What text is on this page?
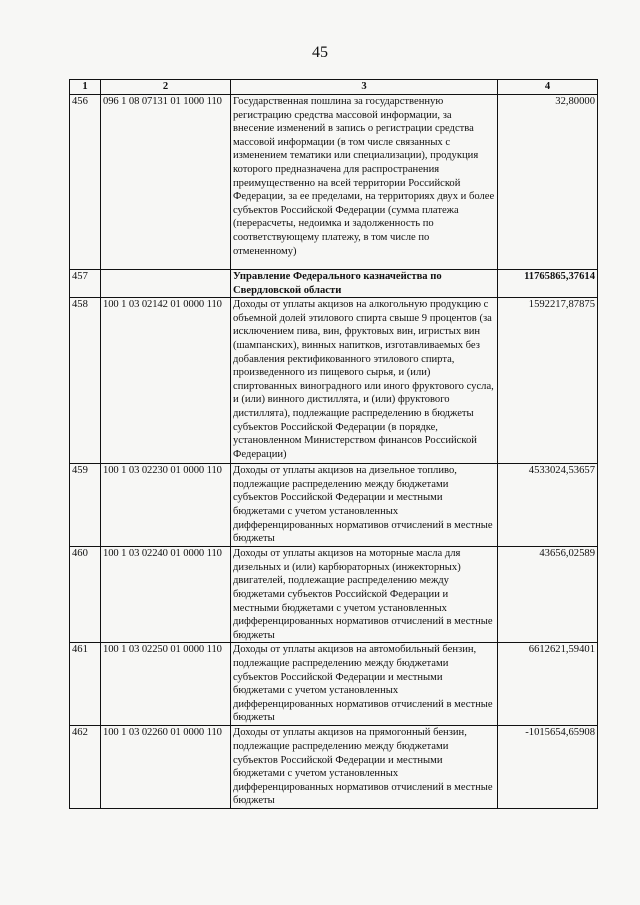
45
1	2	3	4
456	096 1 08 07131 01 1000 110	Государственная пошлина за государственную регистрацию средства массовой информации, за внесение изменений в запись о регистрации средства массовой информации (в том числе связанных с изменением тематики или специализации), продукция которого предназначена для распространения преимущественно на всей территории Российской Федерации, за ее пределами, на территориях двух и более субъектов Российской Федерации (сумма платежа (перерасчеты, недоимка и задолженность по соответствующему платежу, в том числе по отмененному)	32,80000
457		Управление Федерального казначейства по Свердловской области	11765865,37614
458	100 1 03 02142 01 0000 110	Доходы от уплаты акцизов на алкогольную продукцию с объемной долей этилового спирта свыше 9 процентов (за исключением пива, вин, фруктовых вин, игристых вин (шампанских), винных напитков, изготавливаемых без добавления ректификованного этилового спирта, произведенного из пищевого сырья, и (или) спиртованных виноградного или иного фруктового сусла, и (или) винного дистиллята, и (или) фруктового дистиллята), подлежащие распределению в бюджеты субъектов Российской Федерации (в порядке, установленном Министерством финансов Российской Федерации)	1592217,87875
459	100 1 03 02230 01 0000 110	Доходы от уплаты акцизов на дизельное топливо, подлежащие распределению между бюджетами субъектов Российской Федерации и местными бюджетами с учетом установленных дифференцированных нормативов отчислений в местные бюджеты	4533024,53657
460	100 1 03 02240 01 0000 110	Доходы от уплаты акцизов на моторные масла для дизельных и (или) карбюраторных (инжекторных) двигателей, подлежащие распределению между бюджетами субъектов Российской Федерации и местными бюджетами с учетом установленных дифференцированных нормативов отчислений в местные бюджеты	43656,02589
461	100 1 03 02250 01 0000 110	Доходы от уплаты акцизов на автомобильный бензин, подлежащие распределению между бюджетами субъектов Российской Федерации и местными бюджетами с учетом установленных дифференцированных нормативов отчислений в местные бюджеты	6612621,59401
462	100 1 03 02260 01 0000 110	Доходы от уплаты акцизов на прямогонный бензин, подлежащие распределению между бюджетами субъектов Российской Федерации и местными бюджетами с учетом установленных дифференцированных нормативов отчислений в местные бюджеты	-1015654,65908
